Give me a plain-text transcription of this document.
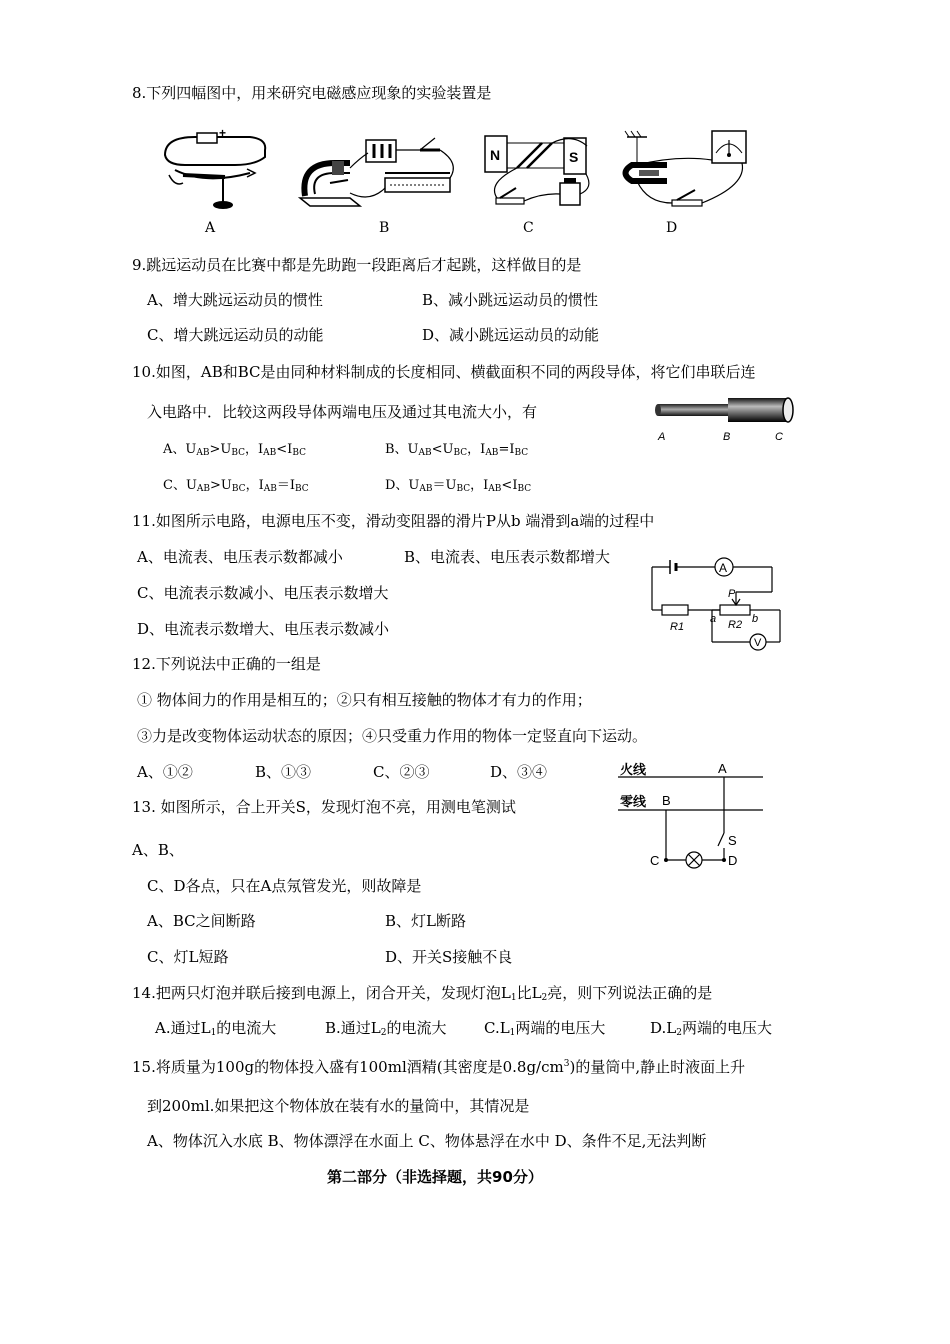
8.下列四幅图中，用来研究电磁感应现象的实验装置是
- +
N	S
A	B	C	D
9.跳远运动员在比赛中都是先助跑一段距离后才起跳，这样做目的是
A、增大跳远运动员的惯性	B、减小跳远运动员的惯性
C、增大跳远运动员的动能	D、减小跳远运动员的动能
10.如图，AB和BC是由同种材料制成的长度相同、横截面积不同的两段导体，将它们串联后连
入电路中．比较这两段导体两端电压及通过其电流大小，有
A	B	C
A、$U_{AB}>U_{BC}$，$I_{AB}<I_{BC}$	B、$U_{AB}<U_{BC}$，$I_{AB}=I_{BC}$
C、$U_{AB}>U_{BC}$，$I_{AB}=I_{BC}$	D、$U_{AB}=U_{BC}$，$I_{AB}<I_{BC}$
11.如图所示电路，电源电压不变，滑动变阻器的滑片P从b 端滑到a端的过程中
A、电流表、电压表示数都减小	B、电流表、电压表示数都增大
C、电流表示数减小、电压表示数增大
D、电流表示数增大、电压表示数减小
A
R1
a	b
R2
P
V
12.下列说法中正确的一组是
① 物体间力的作用是相互的；②只有相互接触的物体才有力的作用；
③力是改变物体运动状态的原因；④只受重力作用的物体一定竖直向下运动。
A、①②	B、①③	C、②③	D、③④
13. 如图所示，合上开关S，发现灯泡不亮，用测电笔测试
A、B、
C、D各点，只在A点氖管发光，则故障是
A、BC之间断路	B、灯L断路
C、灯L短路	D、开关S接触不良
火线	A
零线 B
S
C	D
14.把两只灯泡并联后接到电源上，闭合开关，发现灯泡$L_1$比$L_2$亮，则下列说法正确的是
A.通过$L_1$的电流大	B.通过$L_2$的电流大 $C.L_1$两端的电压大	$D.L_2$两端的电压大
15.将质量为100g的物体投入盛有100ml酒精(其密度是$0.8g/cm^3$)的量筒中,静止时液面上升
到200ml.如果把这个物体放在装有水的量筒中，其情况是
A、物体沉入水底 B、物体漂浮在水面上 C、物体悬浮在水中 D、条件不足,无法判断
第二部分（非选择题，共90分）
